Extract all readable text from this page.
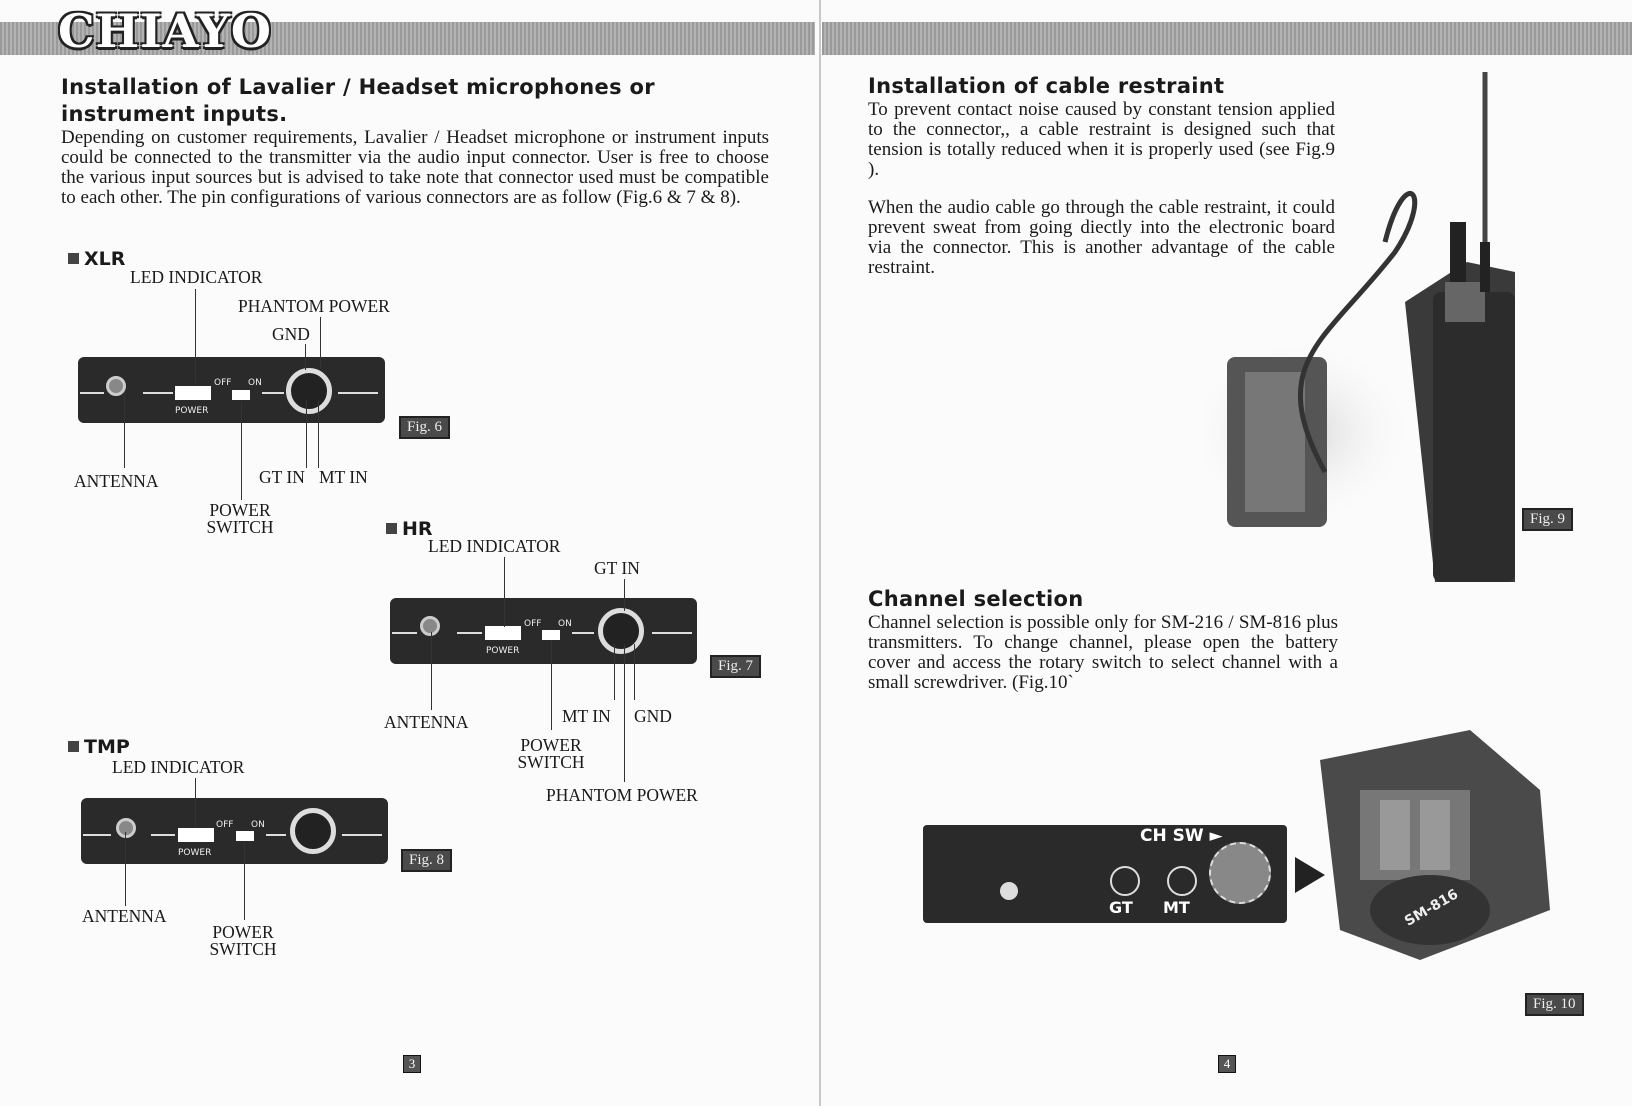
CHIAYO
Installation of Lavalier / Headset microphones or instrument inputs.
Depending on customer requirements, Lavalier / Headset microphone or instrument inputs could be connected to the transmitter via the audio input connector. User is free to choose the various input sources but is advised to take note that connector used must be compatible to each other. The pin configurations of various connectors are as follow (Fig.6 & 7 & 8).
XLR
LED INDICATOR
PHANTOM POWER
GND
POWER
OFF ON
Fig. 6
ANTENNA	GT IN MT IN
POWER SWITCH	HR
LED INDICATOR
GT IN
POWER
OFF ON
Fig. 7
ANTENNA	MT IN GND
POWER SWITCH
PHANTOM POWER
TMP
LED INDICATOR
POWER
OFF ON
Fig. 8
ANTENNA
POWER SWITCH
3
Installation of cable restraint
To prevent contact noise caused by constant tension applied to the connector,, a cable restraint is designed such that tension is totally reduced when it is properly used (see Fig.9 ).
When the audio cable go through the cable restraint, it could prevent sweat from going diectly into the electronic board via the connector. This is another advantage of the cable restraint.
Fig. 9
Channel selection
Channel selection is possible only for SM-216 / SM-816 plus transmitters. To change channel, please open the battery cover and access the rotary switch to select channel with a small screwdriver. (Fig.10`
CH SW ►
GT MT	SM-816
Fig. 10
4
